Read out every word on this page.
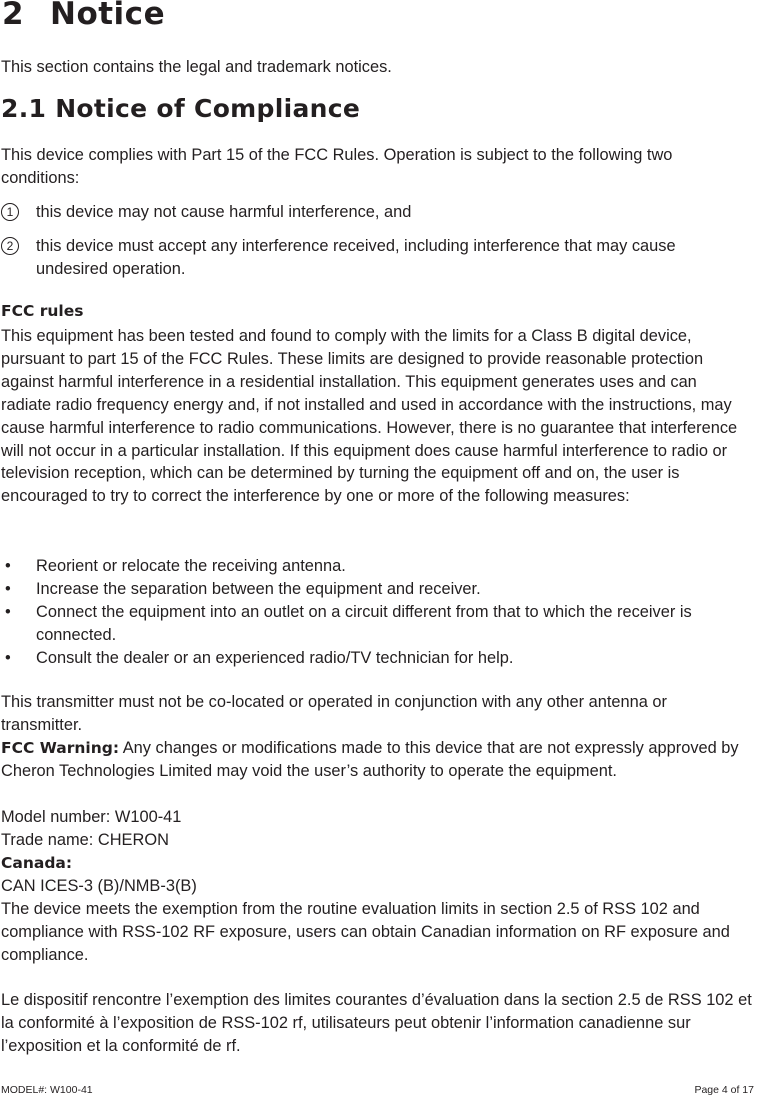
2 Notice

This section contains the legal and trademark notices.

2.1 Notice of Compliance

This device complies with Part 15 of the FCC Rules. Operation is subject to the following two conditions:

1	this device may not cause harmful interference, and
2	this device must accept any interference received, including interference that may cause undesired operation.
FCC rules

This equipment has been tested and found to comply with the limits for a Class B digital device, pursuant to part 15 of the FCC Rules. These limits are designed to provide reasonable protection against harmful interference in a residential installation. This equipment generates uses and can radiate radio frequency energy and, if not installed and used in accordance with the instructions, may cause harmful interference to radio communications. However, there is no guarantee that interference will not occur in a particular installation. If this equipment does cause harmful interference to radio or television reception, which can be determined by turning the equipment off and on, the user is encouraged to try to correct the interference by one or more of the following measures:

• Reorient or relocate the receiving antenna.
• Increase the separation between the equipment and receiver.
• Connect the equipment into an outlet on a circuit different from that to which the receiver is connected.
• Consult the dealer or an experienced radio/TV technician for help.

This transmitter must not be co-located or operated in conjunction with any other antenna or transmitter.

FCC Warning: Any changes or modifications made to this device that are not expressly approved by Cheron Technologies Limited may void the user’s authority to operate the equipment.

Model number: W100-41

Trade name: CHERON

Canada:

CAN ICES-3 (B)/NMB-3(B)

The device meets the exemption from the routine evaluation limits in section 2.5 of RSS 102 and compliance with RSS-102 RF exposure, users can obtain Canadian information on RF exposure and compliance.

Le dispositif rencontre l’exemption des limites courantes d’évaluation dans la section 2.5 de RSS 102 et la conformité à l’exposition de RSS-102 rf, utilisateurs peut obtenir l’information canadienne sur l’exposition et la conformité de rf.

MODEL#: W100-41	Page 4 of 17
